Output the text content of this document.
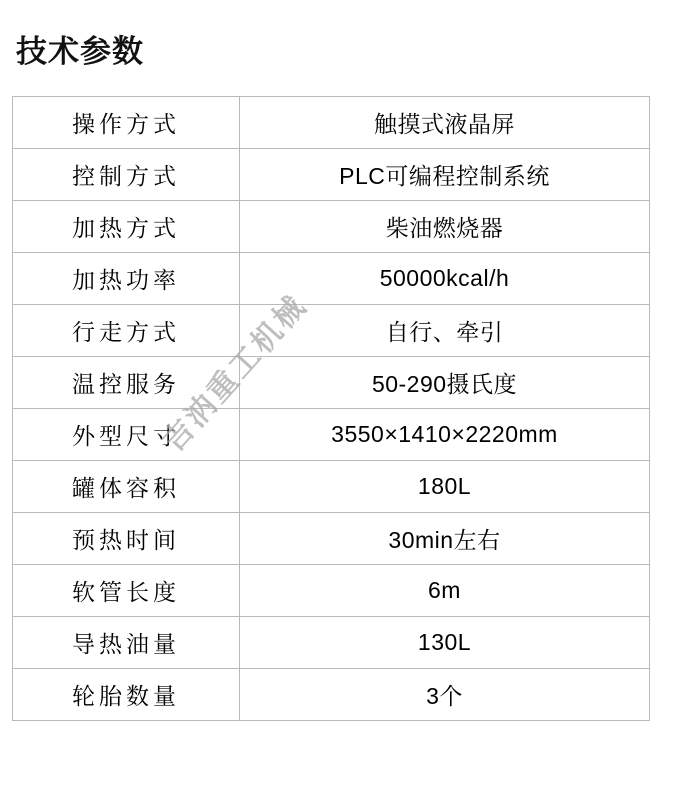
技术参数
操作方式	触摸式液晶屏
控制方式	PLC可编程控制系统
加热方式	柴油燃烧器
加热功率	50000kcal/h
行走方式	自行、牵引
温控服务	50-290摄氏度
外型尺寸	3550×1410×2220mm
罐体容积	180L
预热时间	30min左右
软管长度	6m
导热油量	130L
轮胎数量	3个
吉汭重工机械
